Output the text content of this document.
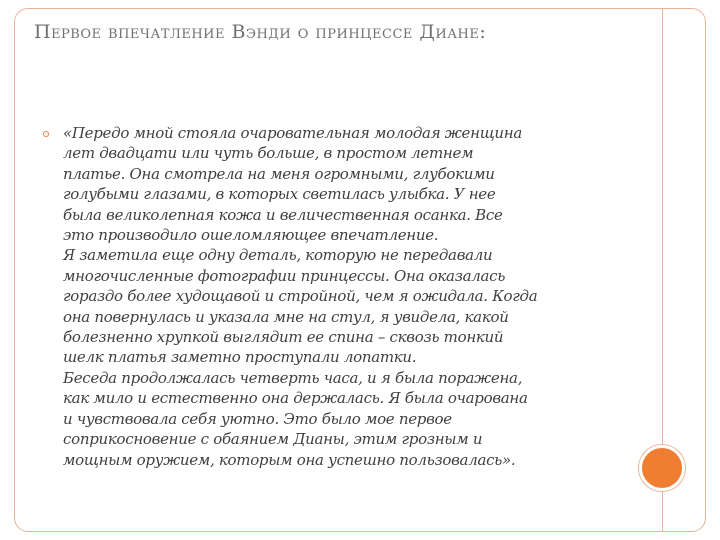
Первое впечатление Вэнди о принцессе Диане:
«Передо мной стояла очаровательная молодая женщина
лет двадцати или чуть больше, в простом летнем
платье. Она смотрела на меня огромными, глубокими
голубыми глазами, в которых светилась улыбка. У нее
была великолепная кожа и величественная осанка. Все
это производило ошеломляющее впечатление.
Я заметила еще одну деталь, которую не передавали
многочисленные фотографии принцессы. Она оказалась
гораздо более худощавой и стройной, чем я ожидала. Когда
она повернулась и указала мне на стул, я увидела, какой
болезненно хрупкой выглядит ее спина – сквозь тонкий
шелк платья заметно проступали лопатки.
Беседа продолжалась четверть часа, и я была поражена,
как мило и естественно она держалась. Я была очарована
и чувствовала себя уютно. Это было мое первое
соприкосновение с обаянием Дианы, этим грозным и
мощным оружием, которым она успешно пользовалась».
